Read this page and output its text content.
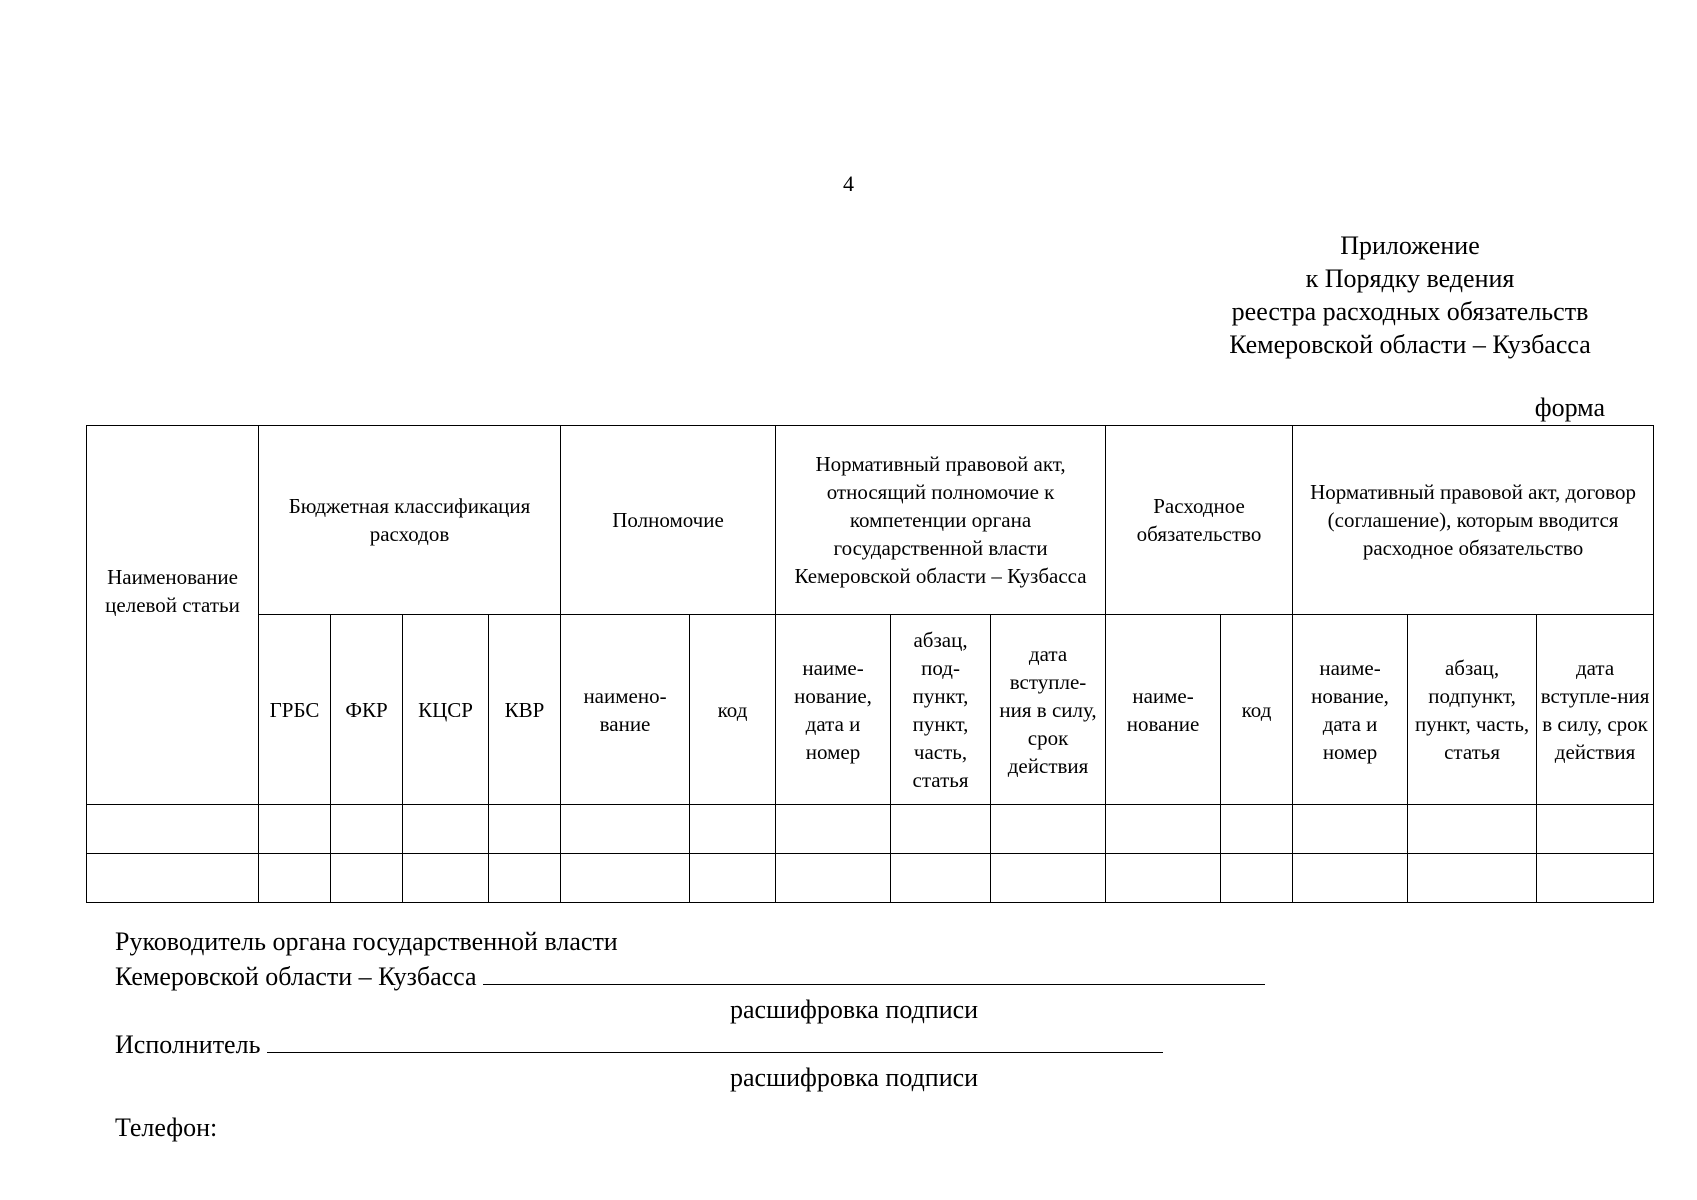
4
Приложение
к Порядку ведения
реестра расходных обязательств
Кемеровской области – Кузбасса
форма
Наименование целевой статьи	Бюджетная классификация расходов				Полномочие		Нормативный правовой акт, относящий полномочие к компетенции органа государственной власти Кемеровской области – Кузбасса			Расходное обязательство		Нормативный правовой акт, договор (соглашение), которым вводится расходное обязательство		
	ГРБС	ФКР	КЦСР	КВР	наимено-вание	код	наиме-нование, дата и номер	абзац, под-пункт, пункт, часть, статья	дата вступле-ния в силу, срок действия	наиме-нование	код	наиме-нование, дата и номер	абзац, подпункт, пункт, часть, статья	дата вступле-ния в силу, срок действия

Руководитель органа государственной власти
Кемеровской области – Кузбасса
расшифровка подписи
Исполнитель
расшифровка подписи
Телефон:
